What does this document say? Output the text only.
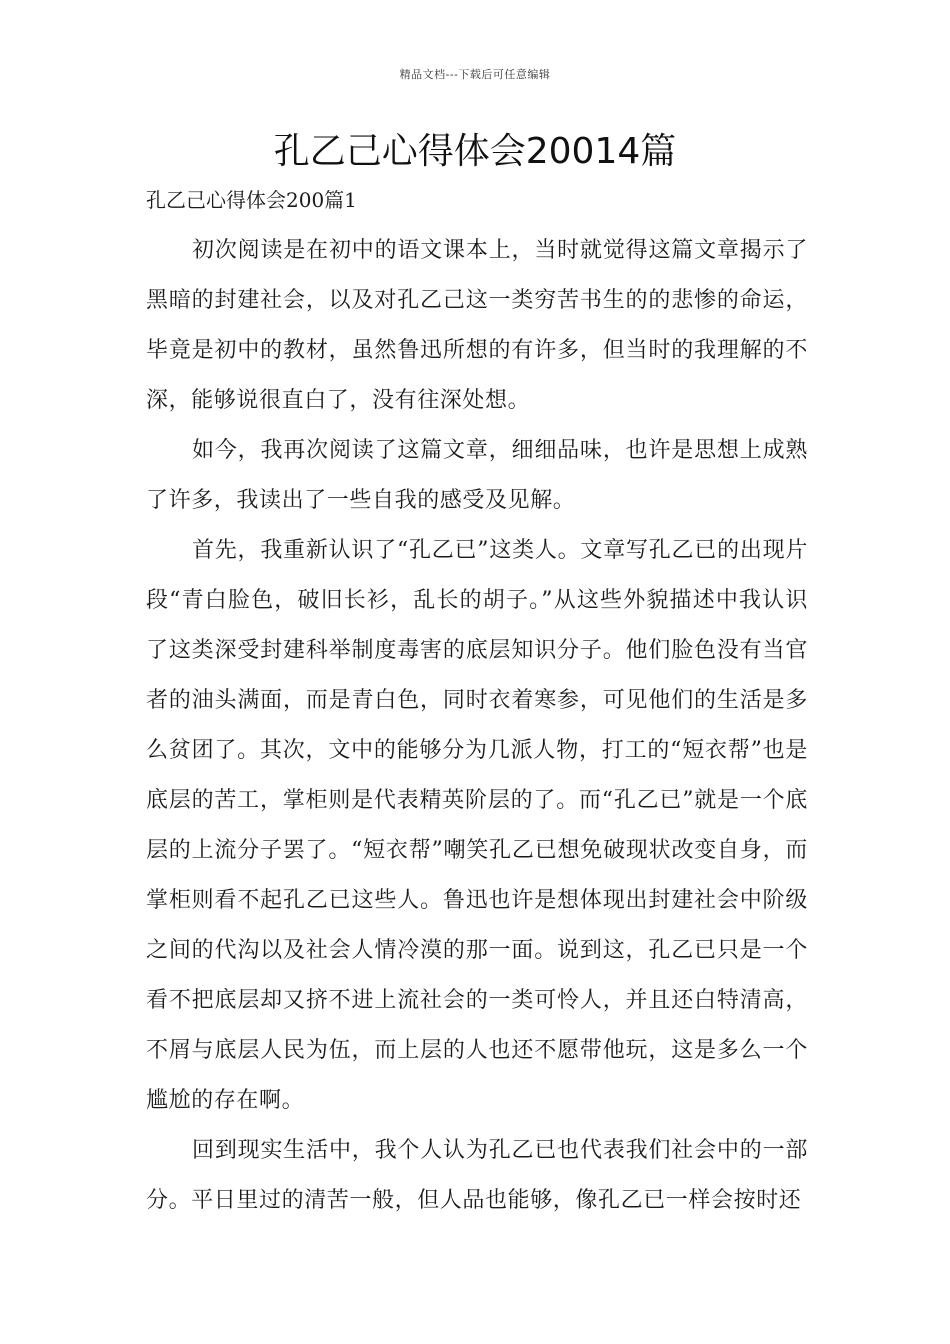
精品文档---下载后可任意编辑
孔乙己心得体会20014篇
孔乙己心得体会200篇1

初次阅读是在初中的语文课本上，当时就觉得这篇文章揭示了黑暗的封建社会，以及对孔乙己这一类穷苦书生的的悲惨的命运，毕竟是初中的教材，虽然鲁迅所想的有许多，但当时的我理解的不深，能够说很直白了，没有往深处想。

如今，我再次阅读了这篇文章，细细品味，也许是思想上成熟了许多，我读出了一些自我的感受及见解。

首先，我重新认识了“孔乙已”这类人。文章写孔乙已的出现片段“青白脸色，破旧长衫，乱长的胡子。”从这些外貌描述中我认识了这类深受封建科举制度毒害的底层知识分子。他们脸色没有当官者的油头满面，而是青白色，同时衣着寒参，可见他们的生活是多么贫团了。其次，文中的能够分为几派人物，打工的“短衣帮”也是底层的苦工，掌柜则是代表精英阶层的了。而“孔乙已”就是一个底层的上流分子罢了。“短衣帮”嘲笑孔乙已想免破现状改变自身，而掌柜则看不起孔乙已这些人。鲁迅也许是想体现出封建社会中阶级之间的代沟以及社会人情冷漠的那一面。说到这，孔乙已只是一个看不把底层却又挤不进上流社会的一类可怜人，并且还白特清高，不屑与底层人民为伍，而上层的人也还不愿带他玩，这是多么一个尴尬的存在啊。

回到现实生活中，我个人认为孔乙已也代表我们社会中的一部分。平日里过的清苦一般，但人品也能够，像孔乙已一样会按时还
